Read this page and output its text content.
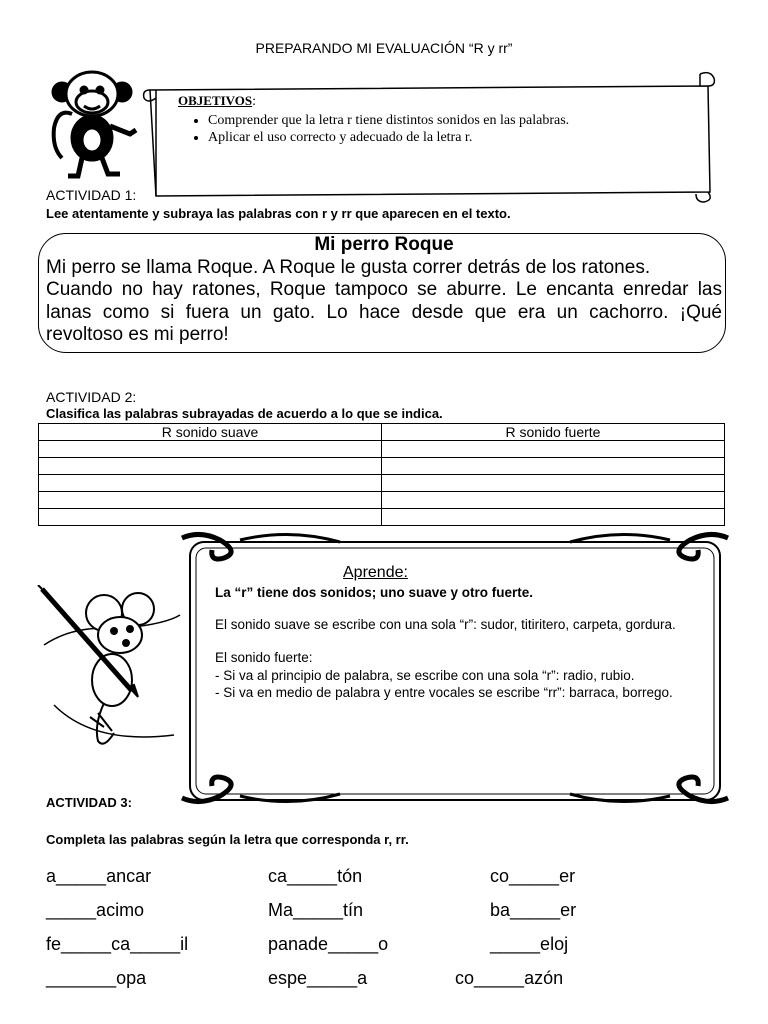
PREPARANDO MI EVALUACIÓN “R y rr”
OBJETIVOS:
• Comprender que la letra r tiene distintos sonidos en las palabras.
• Aplicar el uso correcto y adecuado de la letra r.
ACTIVIDAD 1:
Lee atentamente y subraya las palabras con r y rr que aparecen en el texto.
Mi perro Roque

Mi perro se llama Roque. A Roque le gusta correr detrás de los ratones.

Cuando no hay ratones, Roque tampoco se aburre. Le encanta enredar las lanas como si fuera un gato. Lo hace desde que era un cachorro. ¡Qué revoltoso es mi perro!

ACTIVIDAD 2:
Clasifica las palabras subrayadas de acuerdo a lo que se indica.
R sonido suave	R sonido fuerte

Aprende:

La “r” tiene dos sonidos; uno suave y otro fuerte.

El sonido suave se escribe con una sola “r”: sudor, titiritero, carpeta, gordura.

El sonido fuerte:

- Si va al principio de palabra, se escribe con una sola “r”: radio, rubio.

- Si va en medio de palabra y entre vocales se escribe “rr”: barraca, borrego.

ACTIVIDAD 3:
Completa las palabras según la letra que corresponda r, rr.
a_____ancar	ca_____tón	co_____er
_____acimo	Ma_____tín	ba_____er
fe_____ca_____il	panade_____o	_____eloj
_______opa	espe_____a	co_____azón
